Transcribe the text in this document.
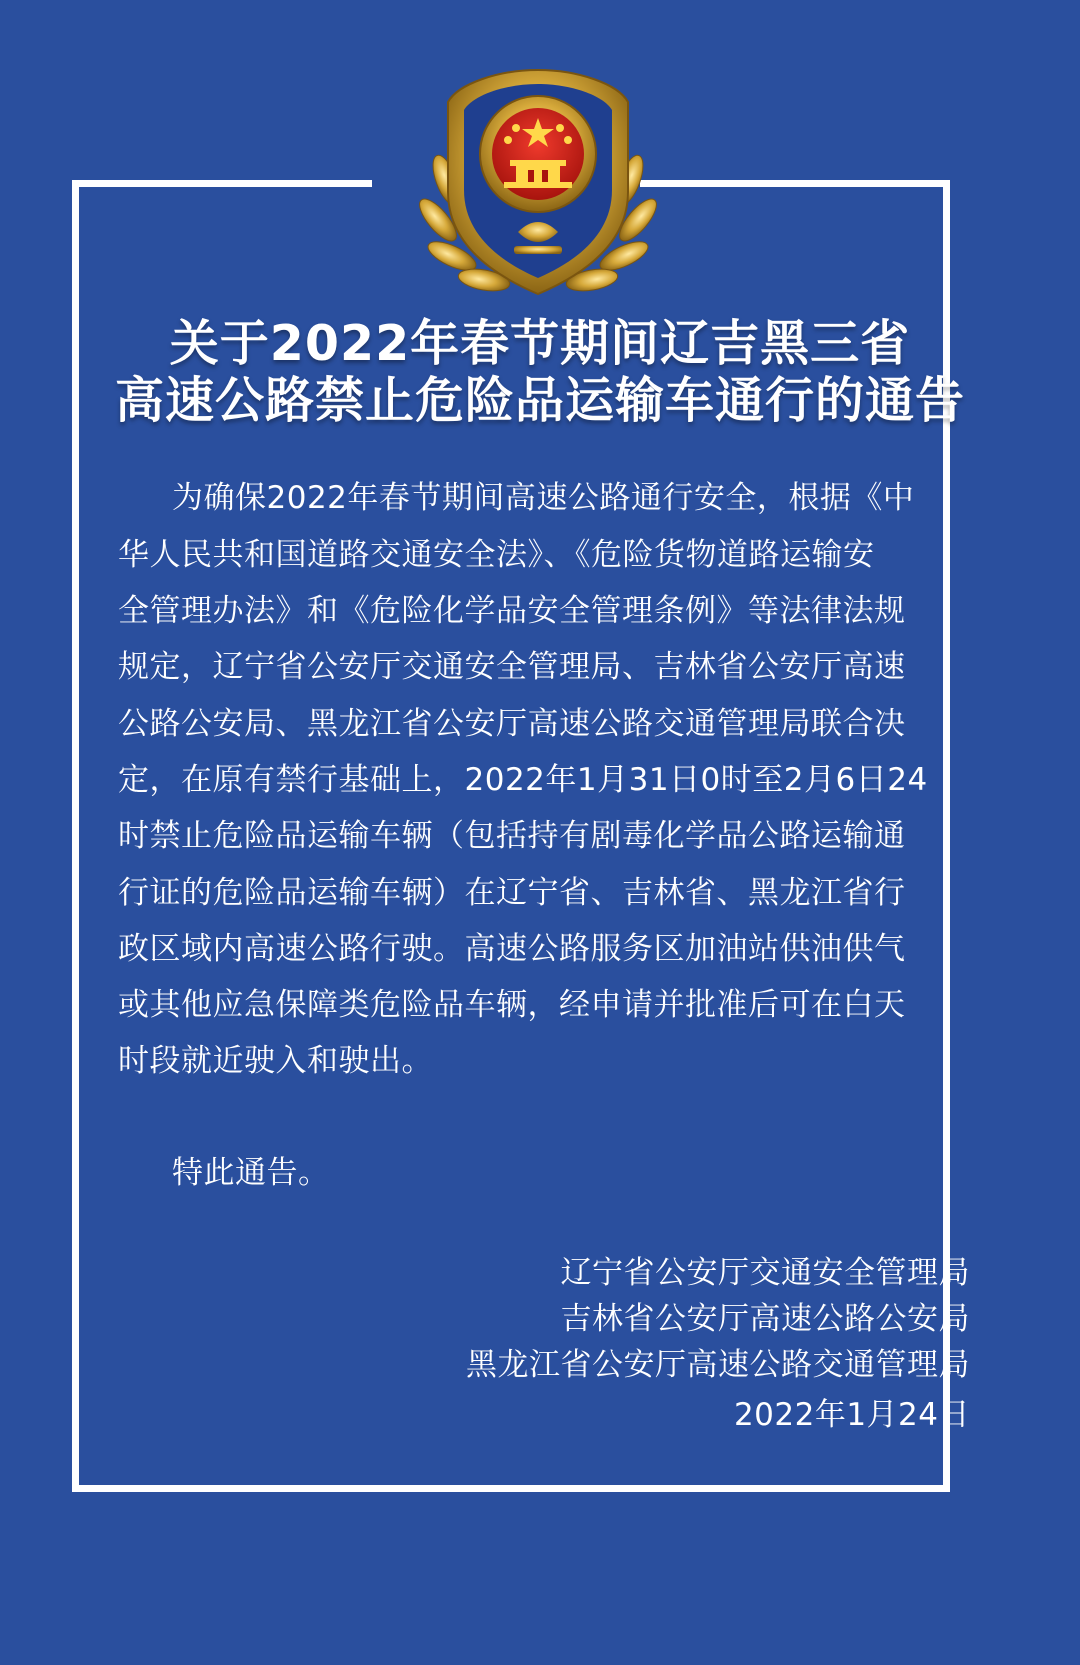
关于2022年春节期间辽吉黑三省
高速公路禁止危险品运输车通行的通告
为确保2022年春节期间高速公路通行安全，根据《中
华人民共和国道路交通安全法》、《危险货物道路运输安
全管理办法》和《危险化学品安全管理条例》等法律法规
规定，辽宁省公安厅交通安全管理局、吉林省公安厅高速
公路公安局、黑龙江省公安厅高速公路交通管理局联合决
定，在原有禁行基础上，2022年1月31日0时至2月6日24
时禁止危险品运输车辆（包括持有剧毒化学品公路运输通
行证的危险品运输车辆）在辽宁省、吉林省、黑龙江省行
政区域内高速公路行驶。高速公路服务区加油站供油供气
或其他应急保障类危险品车辆，经申请并批准后可在白天
时段就近驶入和驶出。
特此通告。
辽宁省公安厅交通安全管理局
吉林省公安厅高速公路公安局
黑龙江省公安厅高速公路交通管理局
2022年1月24日
